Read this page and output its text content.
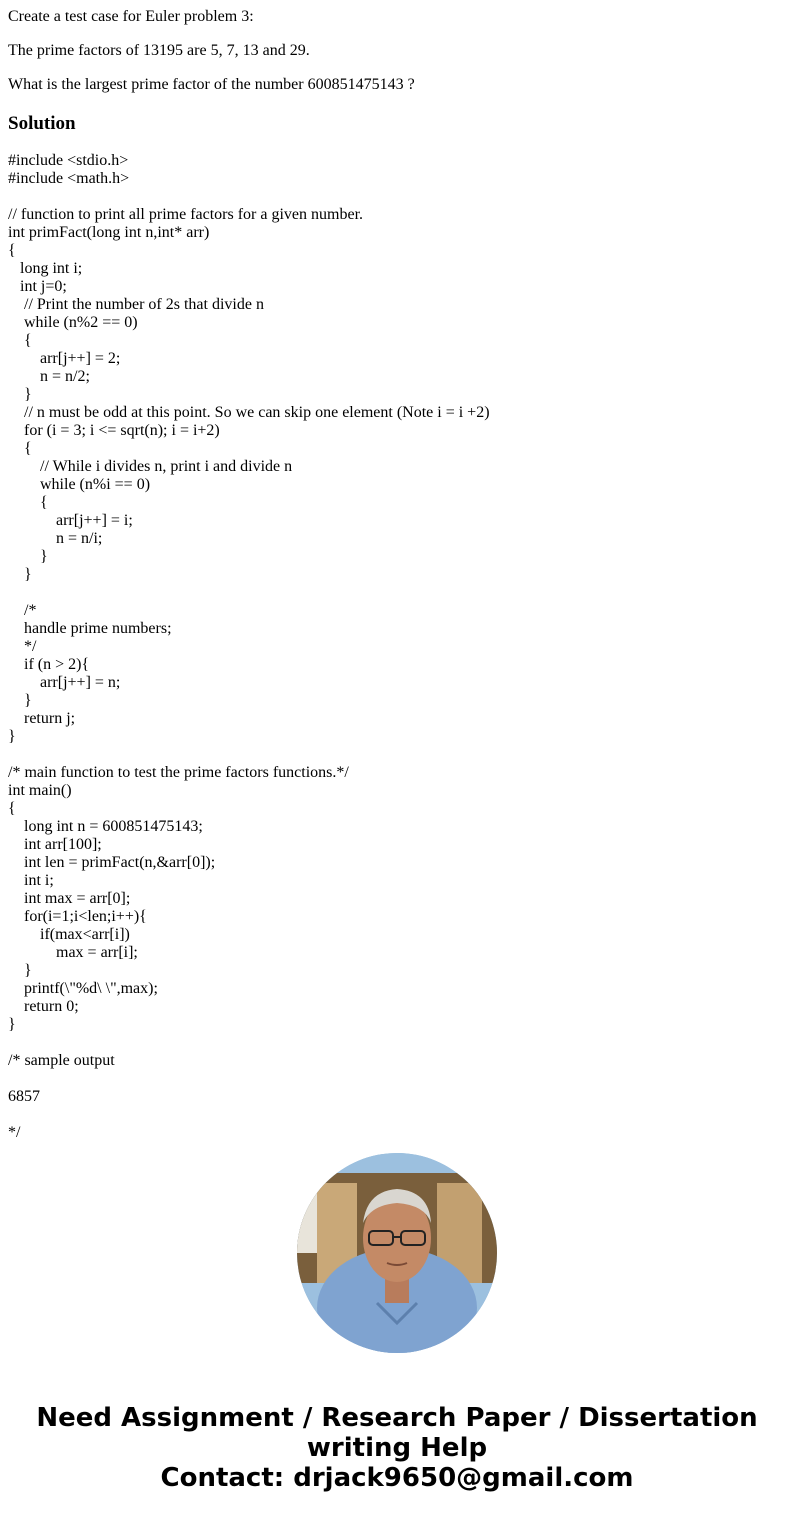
Create a test case for Euler problem 3:

The prime factors of 13195 are 5, 7, 13 and 29.

What is the largest prime factor of the number 600851475143 ?

Solution
#include <stdio.h>
#include <math.h>
// function to print all prime factors for a given number.
int primFact(long int n,int* arr)
{
long int i;
int j=0;
// Print the number of 2s that divide n
while (n%2 == 0)
{
arr[j++] = 2;
n = n/2;
}
// n must be odd at this point. So we can skip one element (Note i = i +2)
for (i = 3; i <= sqrt(n); i = i+2)
{
// While i divides n, print i and divide n
while (n%i == 0)
{
arr[j++] = i;
n = n/i;
}
}
/*
handle prime numbers;
*/
if (n > 2){
arr[j++] = n;
}
return j;
}
/* main function to test the prime factors functions.*/
int main()
{
long int n = 600851475143;
int arr[100];
int len = primFact(n,&arr[0]);
int i;
int max = arr[0];
for(i=1;i<len;i++){
if(max<arr[i])
max = arr[i];
}
printf(\"%d\ \",max);
return 0;
}
/* sample output
6857
*/
Need Assignment / Research Paper / Dissertation
writing Help
Contact: drjack9650@gmail.com
